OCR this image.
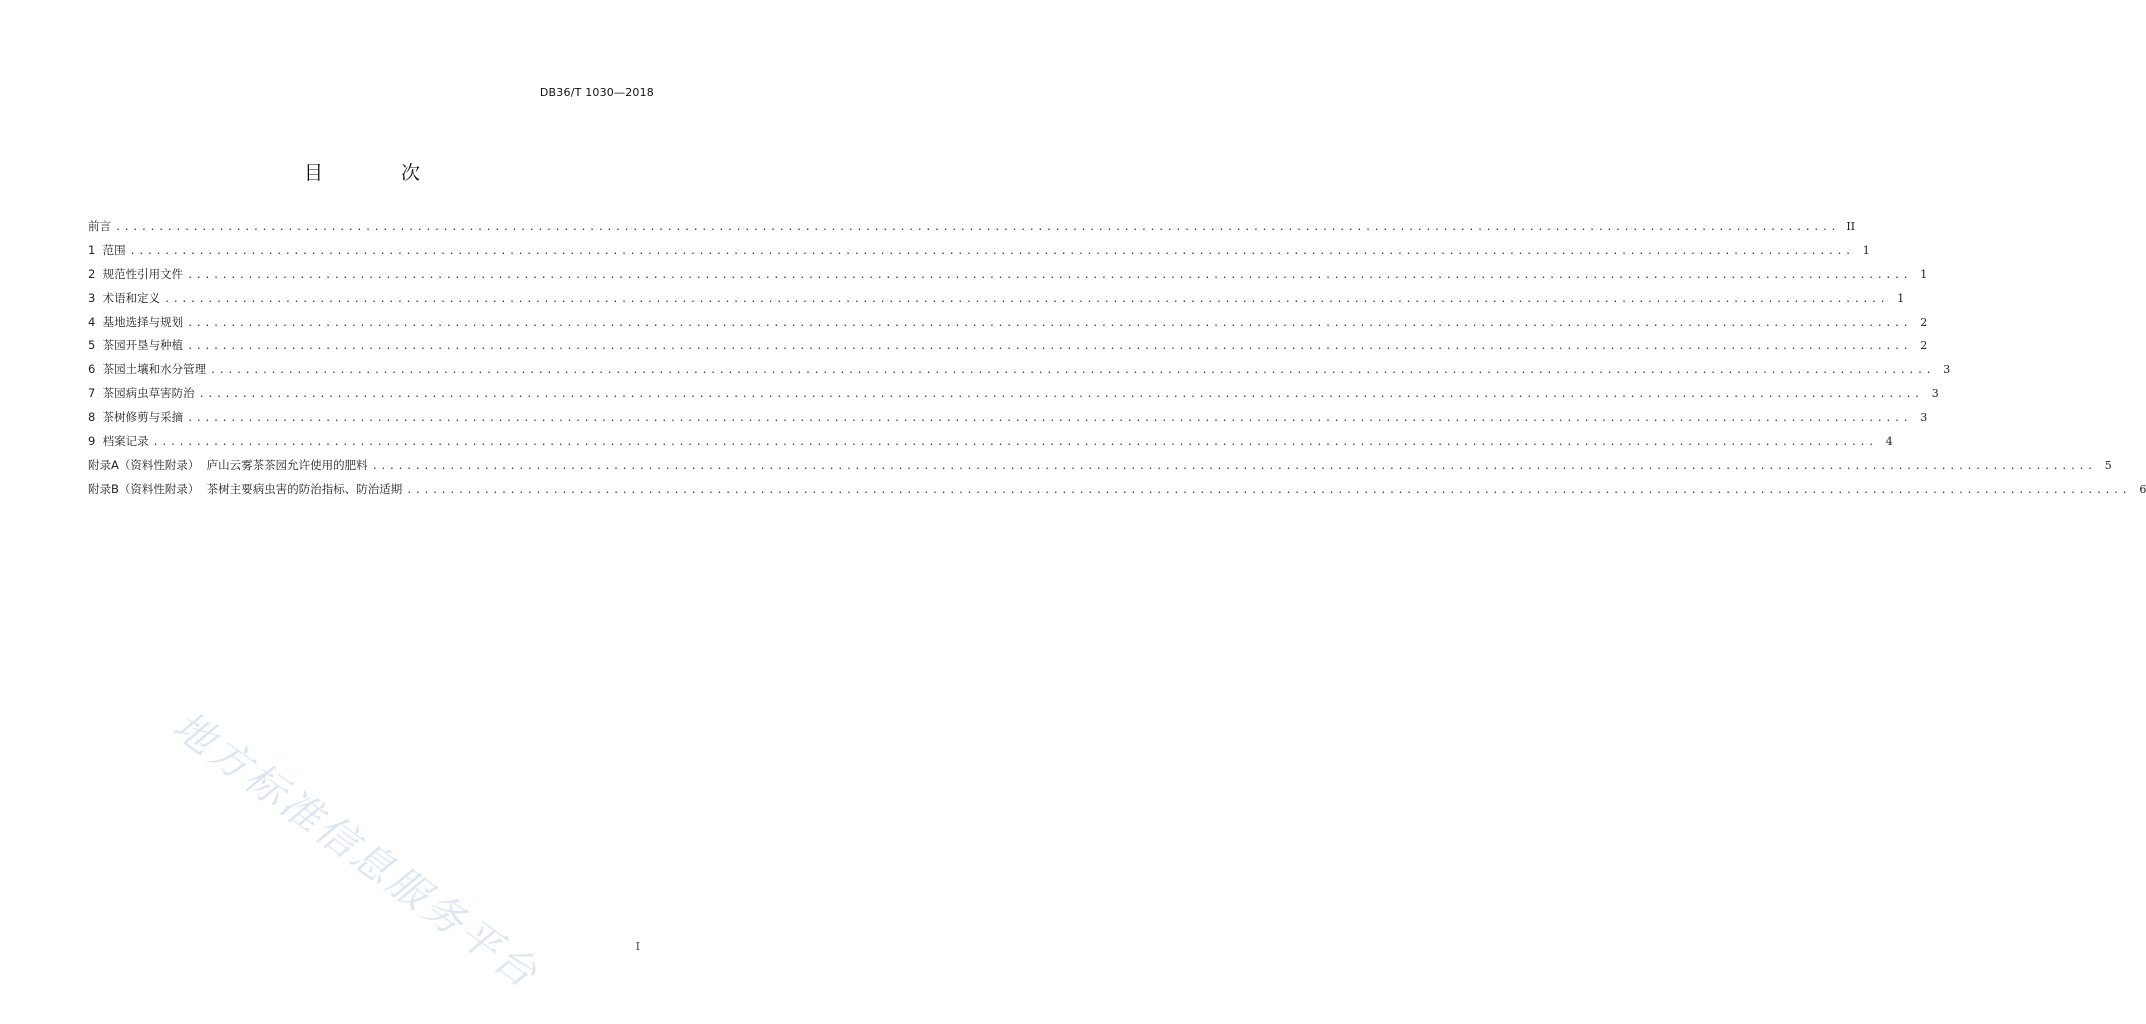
DB36/T 1030—2018
目 次
前言 ........................................................................................................................................................................................................ II
1  范围 ........................................................................................................................................................................................................ 1
2  规范性引用文件 ........................................................................................................................................................................................................ 1
3  术语和定义 ........................................................................................................................................................................................................ 1
4  基地选择与规划 ........................................................................................................................................................................................................ 2
5  茶园开垦与种植 ........................................................................................................................................................................................................ 2
6  茶园土壤和水分管理 ........................................................................................................................................................................................................ 3
7  茶园病虫草害防治 ........................................................................................................................................................................................................ 3
8  茶树修剪与采摘 ........................................................................................................................................................................................................ 3
9  档案记录 ........................................................................................................................................................................................................ 4
附录A（资料性附录）  庐山云雾茶茶园允许使用的肥料 ........................................................................................................................................................................................................ 5
附录B（资料性附录）  茶树主要病虫害的防治指标、防治适期 ........................................................................................................................................................................................................ 6
地方标准信息服务平台	I
